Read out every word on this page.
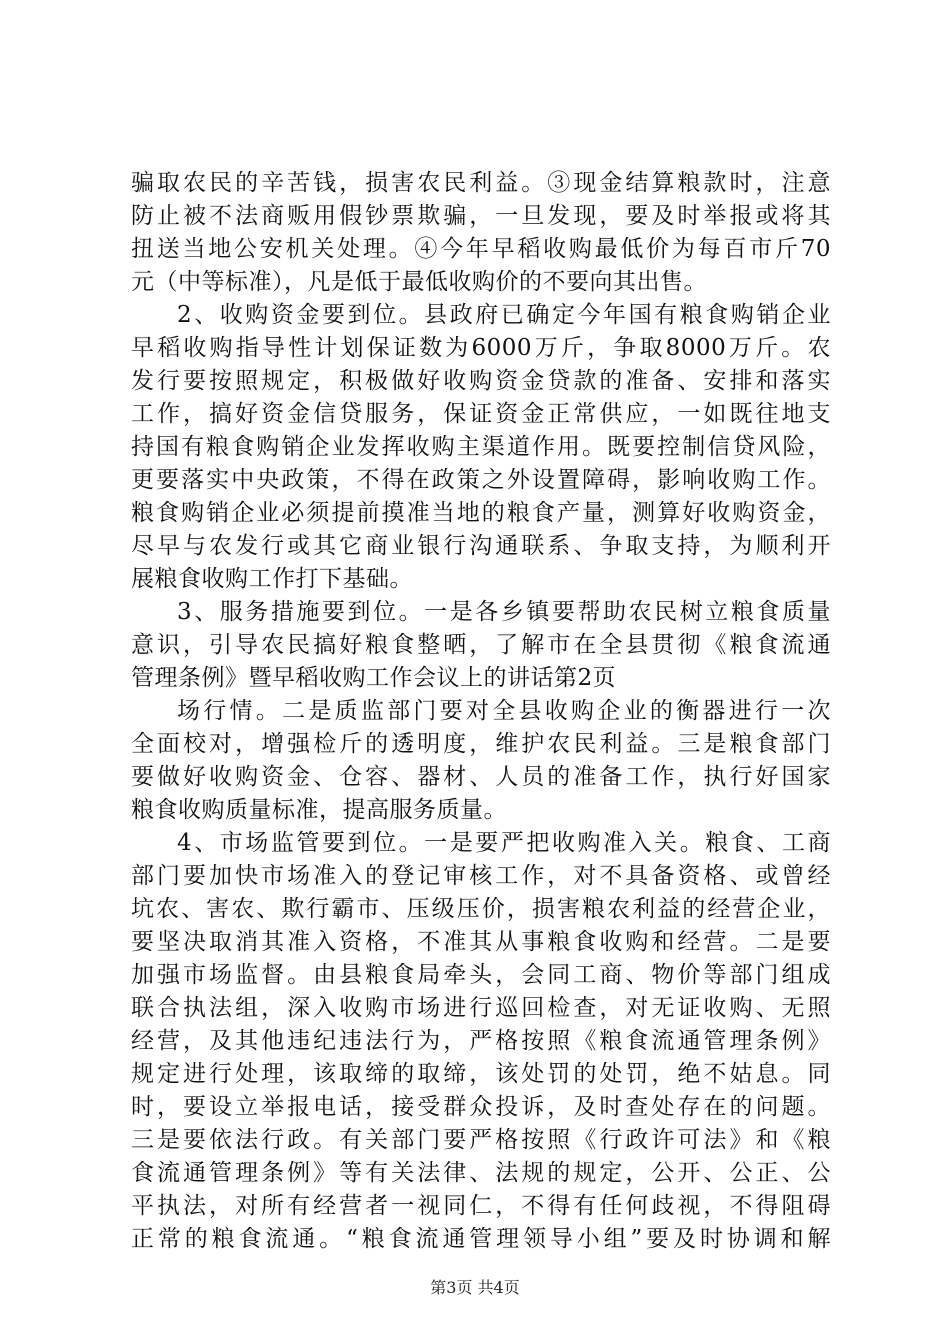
骗取农民的辛苦钱，损害农民利益。③现金结算粮款时，注意
防止被不法商贩用假钞票欺骗，一旦发现，要及时举报或将其
扭送当地公安机关处理。④今年早稻收购最低价为每百市斤70
元（中等标准），凡是低于最低收购价的不要向其出售。
2、收购资金要到位。县政府已确定今年国有粮食购销企业
早稻收购指导性计划保证数为6000万斤，争取8000万斤。农
发行要按照规定，积极做好收购资金贷款的准备、安排和落实
工作，搞好资金信贷服务，保证资金正常供应，一如既往地支
持国有粮食购销企业发挥收购主渠道作用。既要控制信贷风险，
更要落实中央政策，不得在政策之外设置障碍，影响收购工作。
粮食购销企业必须提前摸准当地的粮食产量，测算好收购资金，
尽早与农发行或其它商业银行沟通联系、争取支持，为顺利开
展粮食收购工作打下基础。
3、服务措施要到位。一是各乡镇要帮助农民树立粮食质量
意识，引导农民搞好粮食整晒，了解市在全县贯彻《粮食流通
管理条例》暨早稻收购工作会议上的讲话第2页
场行情。二是质监部门要对全县收购企业的衡器进行一次
全面校对，增强检斤的透明度，维护农民利益。三是粮食部门
要做好收购资金、仓容、器材、人员的准备工作，执行好国家
粮食收购质量标准，提高服务质量。
4、市场监管要到位。一是要严把收购准入关。粮食、工商
部门要加快市场准入的登记审核工作，对不具备资格、或曾经
坑农、害农、欺行霸市、压级压价，损害粮农利益的经营企业，
要坚决取消其准入资格，不准其从事粮食收购和经营。二是要
加强市场监督。由县粮食局牵头，会同工商、物价等部门组成
联合执法组，深入收购市场进行巡回检查，对无证收购、无照
经营，及其他违纪违法行为，严格按照《粮食流通管理条例》
规定进行处理，该取缔的取缔，该处罚的处罚，绝不姑息。同
时，要设立举报电话，接受群众投诉，及时查处存在的问题。
三是要依法行政。有关部门要严格按照《行政许可法》和《粮
食流通管理条例》等有关法律、法规的规定，公开、公正、公
平执法，对所有经营者一视同仁，不得有任何歧视，不得阻碍
正常的粮食流通。“粮食流通管理领导小组”要及时协调和解
第3页 共4页
